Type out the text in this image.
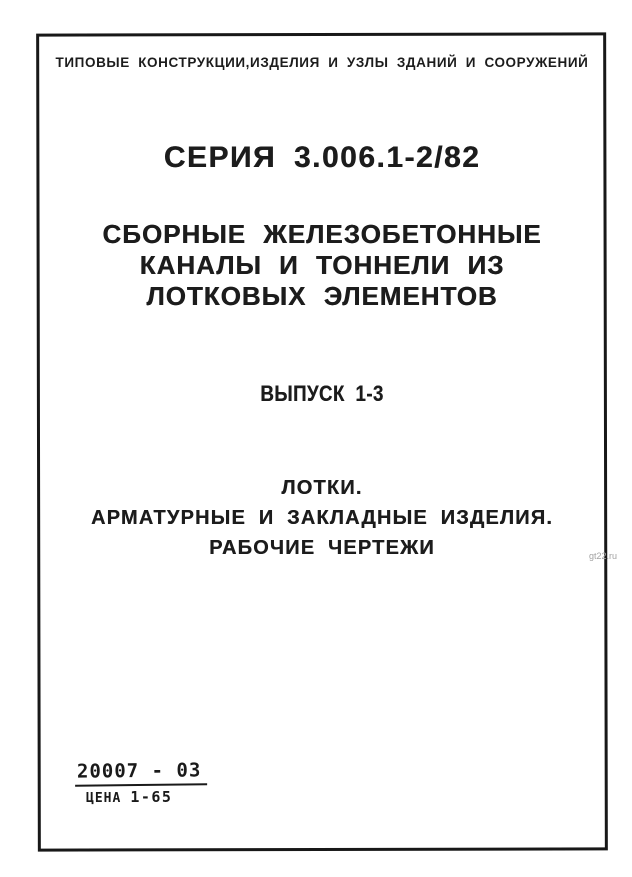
ТИПОВЫЕ КОНСТРУКЦИИ,ИЗДЕЛИЯ И УЗЛЫ ЗДАНИЙ И СООРУЖЕНИЙ
СЕРИЯ 3.006.1-2/82
СБОРНЫЕ ЖЕЛЕЗОБЕТОННЫЕ
КАНАЛЫ И ТОННЕЛИ ИЗ
ЛОТКОВЫХ ЭЛЕМЕНТОВ
ВЫПУСК 1-3
ЛОТКИ.
АРМАТУРНЫЕ И ЗАКЛАДНЫЕ ИЗДЕЛИЯ.
РАБОЧИЕ ЧЕРТЕЖИ
20007 - 03
ЦЕНА 1-65
gt22.ru
